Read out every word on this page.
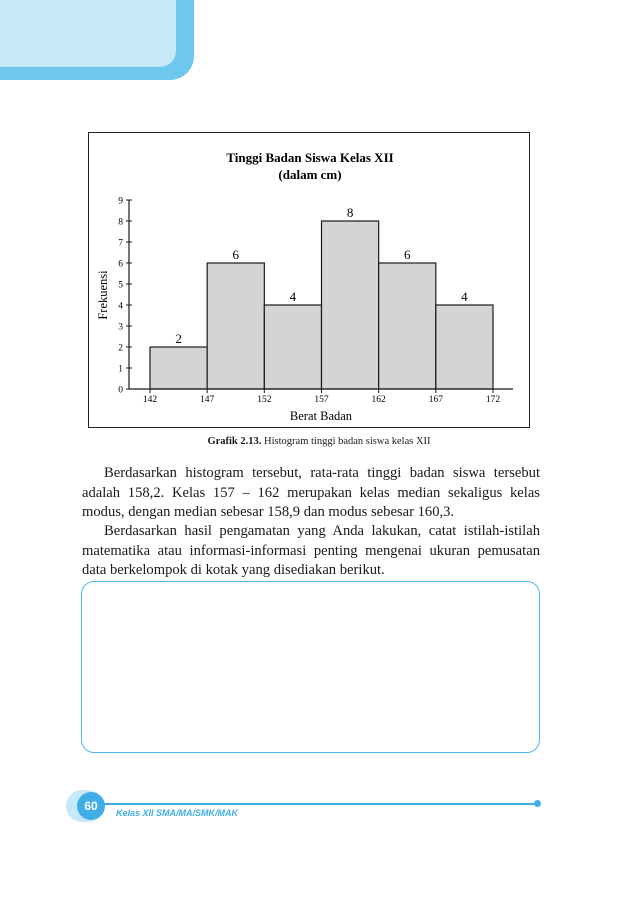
Tinggi Badan Siswa Kelas XII
(dalam cm)
2
6
4
8
6
4
0
1
2
3
4
5
6
7
8
9
142	147	152	157	162	167	172
Berat Badan
Frekuensi
Grafik 2.13. Histogram tinggi badan siswa kelas XII

Berdasarkan histogram tersebut, rata-rata tinggi badan siswa tersebut adalah 158,2. Kelas 157 – 162 merupakan kelas median sekaligus kelas modus, dengan median sebesar 158,9 dan modus sebesar 160,3.

Berdasarkan hasil pengamatan yang Anda lakukan, catat istilah-istilah matematika atau informasi-informasi penting mengenai ukuran pemusatan data berkelompok di kotak yang disediakan berikut.

60	Kelas XII SMA/MA/SMK/MAK
